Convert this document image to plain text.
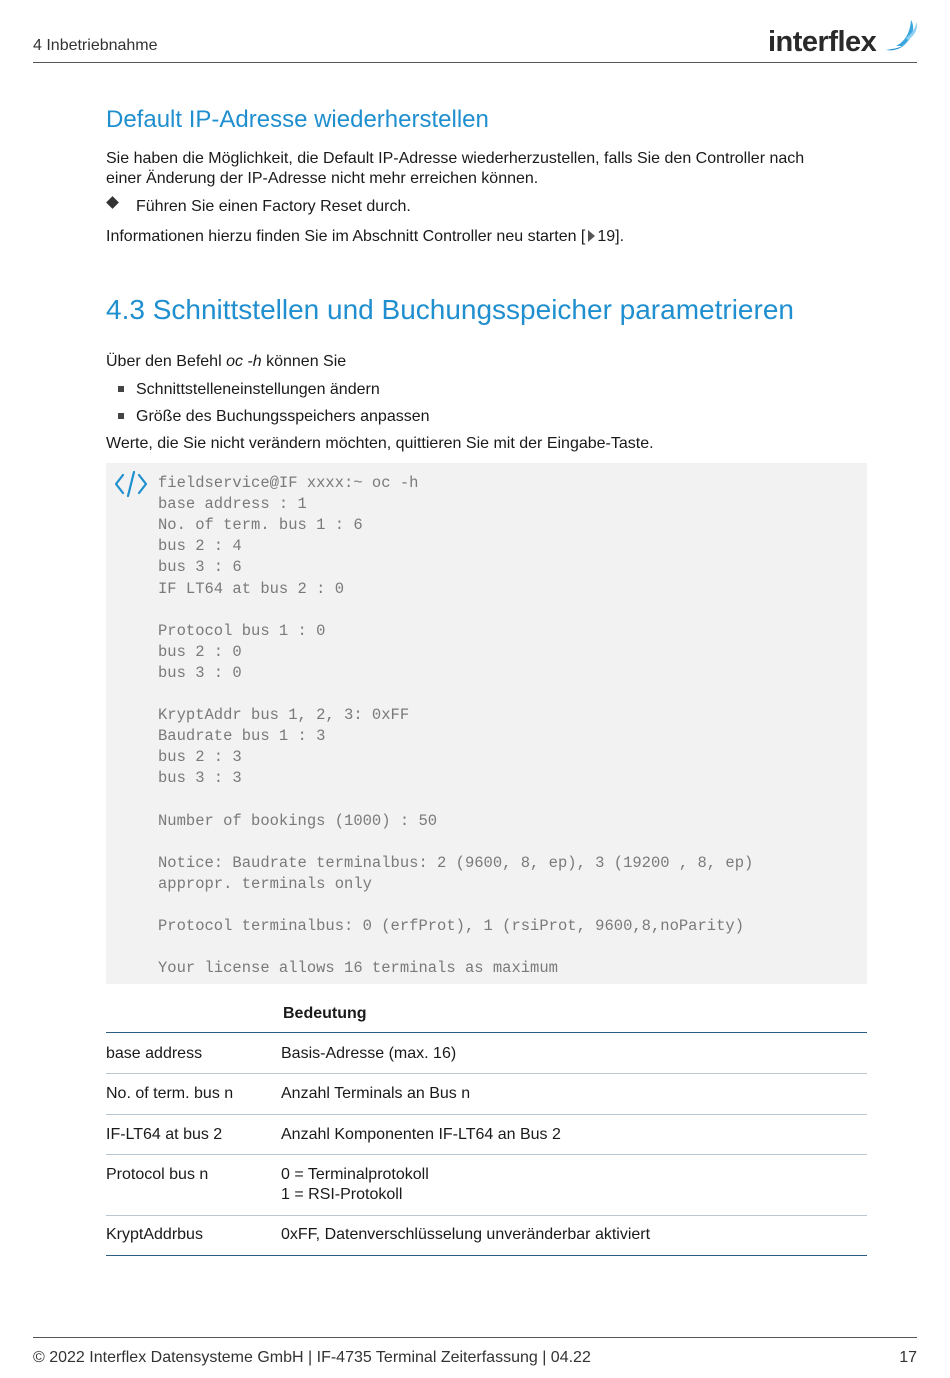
4 Inbetriebnahme	interflex
Default IP-Adresse wiederherstellen
Sie haben die Möglichkeit, die Default IP-Adresse wiederherzustellen, falls Sie den Controller nach
einer Änderung der IP-Adresse nicht mehr erreichen können.
Führen Sie einen Factory Reset durch.
Informationen hierzu finden Sie im Abschnitt Controller neu starten [ 19].
4.3 Schnittstellen und Buchungsspeicher parametrieren
Über den Befehl oc -h können Sie
Schnittstelleneinstellungen ändern
Größe des Buchungsspeichers anpassen
Werte, die Sie nicht verändern möchten, quittieren Sie mit der Eingabe-Taste.
fieldservice@IF xxxx:~ oc -h
base address : 1
No. of term. bus 1 : 6
bus 2 : 4
bus 3 : 6
IF LT64 at bus 2 : 0
Protocol bus 1 : 0
bus 2 : 0
bus 3 : 0
KryptAddr bus 1, 2, 3: 0xFF
Baudrate bus 1 : 3
bus 2 : 3
bus 3 : 3
Number of bookings (1000) : 50
Notice: Baudrate terminalbus: 2 (9600, 8, ep), 3 (19200 , 8, ep)
appropr. terminals only
Protocol terminalbus: 0 (erfProt), 1 (rsiProt, 9600,8,noParity)
Your license allows 16 terminals as maximum
Bedeutung
base address	Basis-Adresse (max. 16)
No. of term. bus n	Anzahl Terminals an Bus n
IF-LT64 at bus 2	Anzahl Komponenten IF-LT64 an Bus 2
Protocol bus n	0 = Terminalprotokoll
1 = RSI-Protokoll
KryptAddrbus	0xFF, Datenverschlüsselung unveränderbar aktiviert
© 2022 Interflex Datensysteme GmbH | IF-4735 Terminal Zeiterfassung | 04.22	17
